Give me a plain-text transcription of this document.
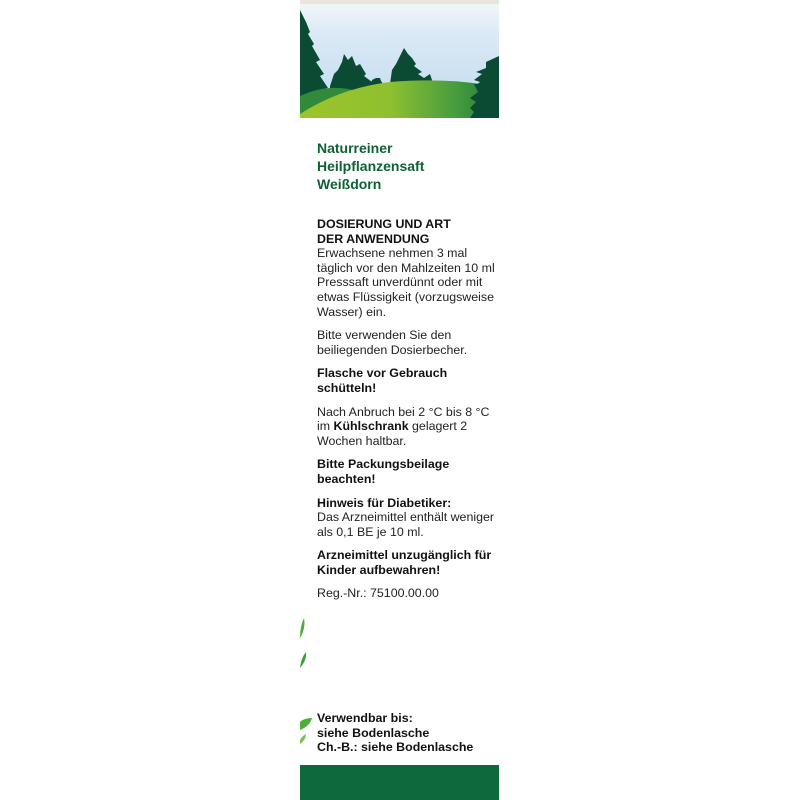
Naturreiner
Heilpflanzensaft
Weißdorn

DOSIERUNG UND ART
DER ANWENDUNG
Erwachsene nehmen 3 mal täglich vor den Mahlzeiten 10 ml Presssaft unverdünnt oder mit etwas Flüssigkeit (vorzugsweise Wasser) ein.

Bitte verwenden Sie den beiliegenden Dosierbecher.

Flasche vor Gebrauch schütteln!

Nach Anbruch bei 2 °C bis 8 °C im Kühlschrank gelagert 2 Wochen haltbar.

Bitte Packungsbeilage beachten!

Hinweis für Diabetiker:
Das Arzneimittel enthält weniger als 0,1 BE je 10 ml.

Arzneimittel unzugänglich für Kinder aufbewahren!

Reg.-Nr.: 75100.00.00

Verwendbar bis:
siehe Bodenlasche
Ch.-B.: siehe Bodenlasche
